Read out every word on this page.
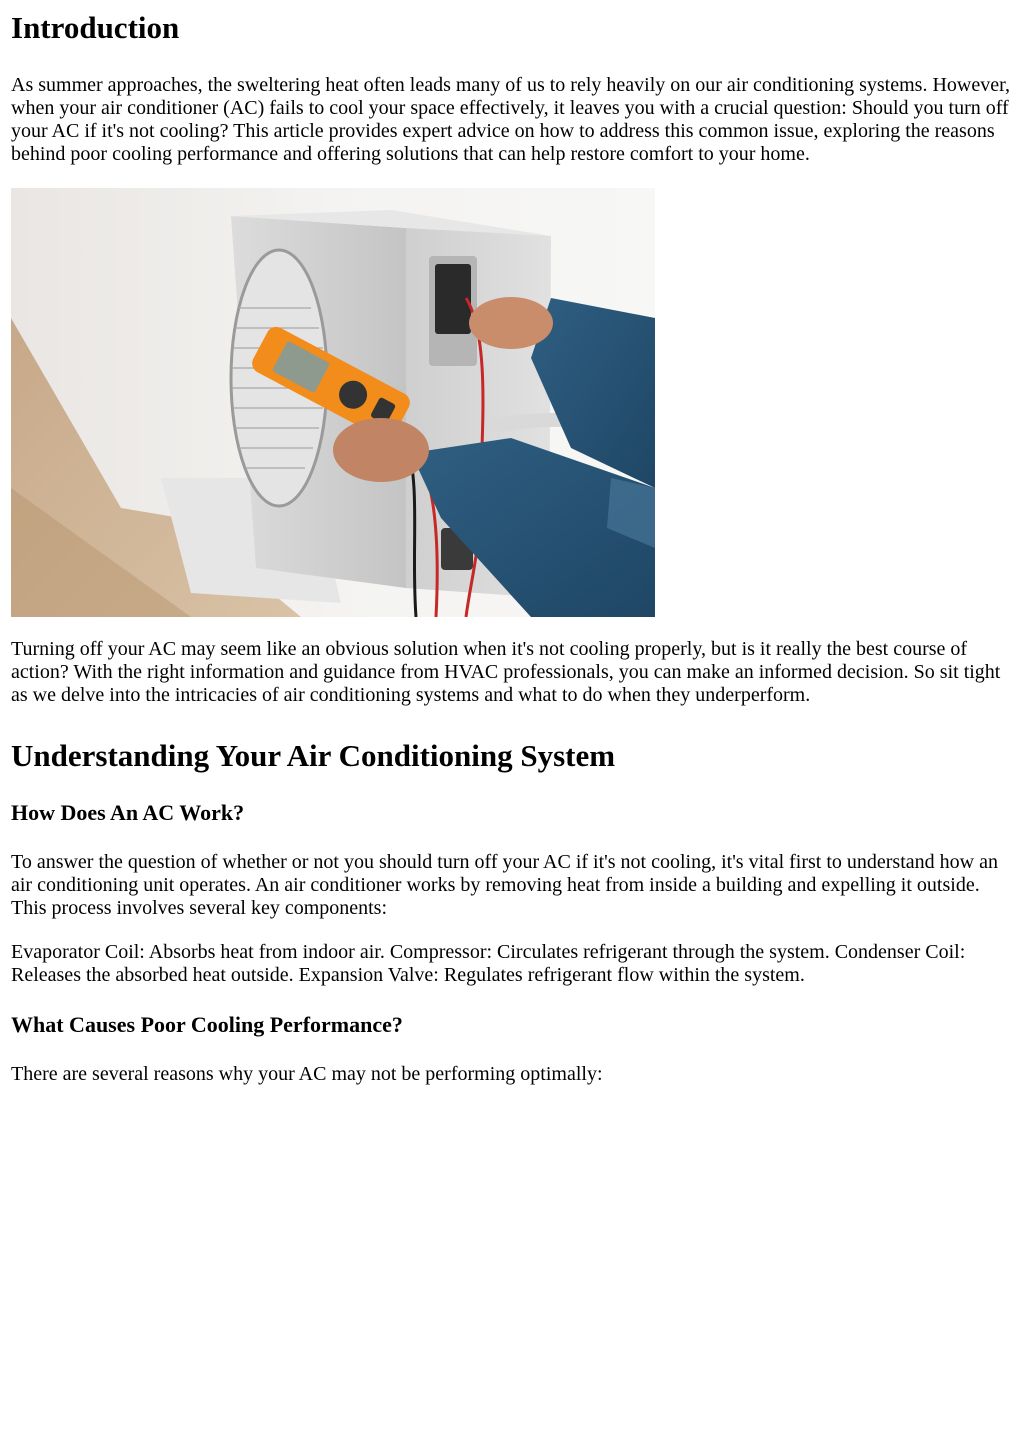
Introduction

As summer approaches, the sweltering heat often leads many of us to rely heavily on our air conditioning systems. However, when your air conditioner (AC) fails to cool your space effectively, it leaves you with a crucial question: Should you turn off your AC if it's not cooling? This article provides expert advice on how to address this common issue, exploring the reasons behind poor cooling performance and offering solutions that can help restore comfort to your home.

Turning off your AC may seem like an obvious solution when it's not cooling properly, but is it really the best course of action? With the right information and guidance from HVAC professionals, you can make an informed decision. So sit tight as we delve into the intricacies of air conditioning systems and what to do when they underperform.

Understanding Your Air Conditioning System
How Does An AC Work?

To answer the question of whether or not you should turn off your AC if it's not cooling, it's vital first to understand how an air conditioning unit operates. An air conditioner works by removing heat from inside a building and expelling it outside. This process involves several key components:

Evaporator Coil: Absorbs heat from indoor air. Compressor: Circulates refrigerant through the system. Condenser Coil: Releases the absorbed heat outside. Expansion Valve: Regulates refrigerant flow within the system.

What Causes Poor Cooling Performance?

There are several reasons why your AC may not be performing optimally:
